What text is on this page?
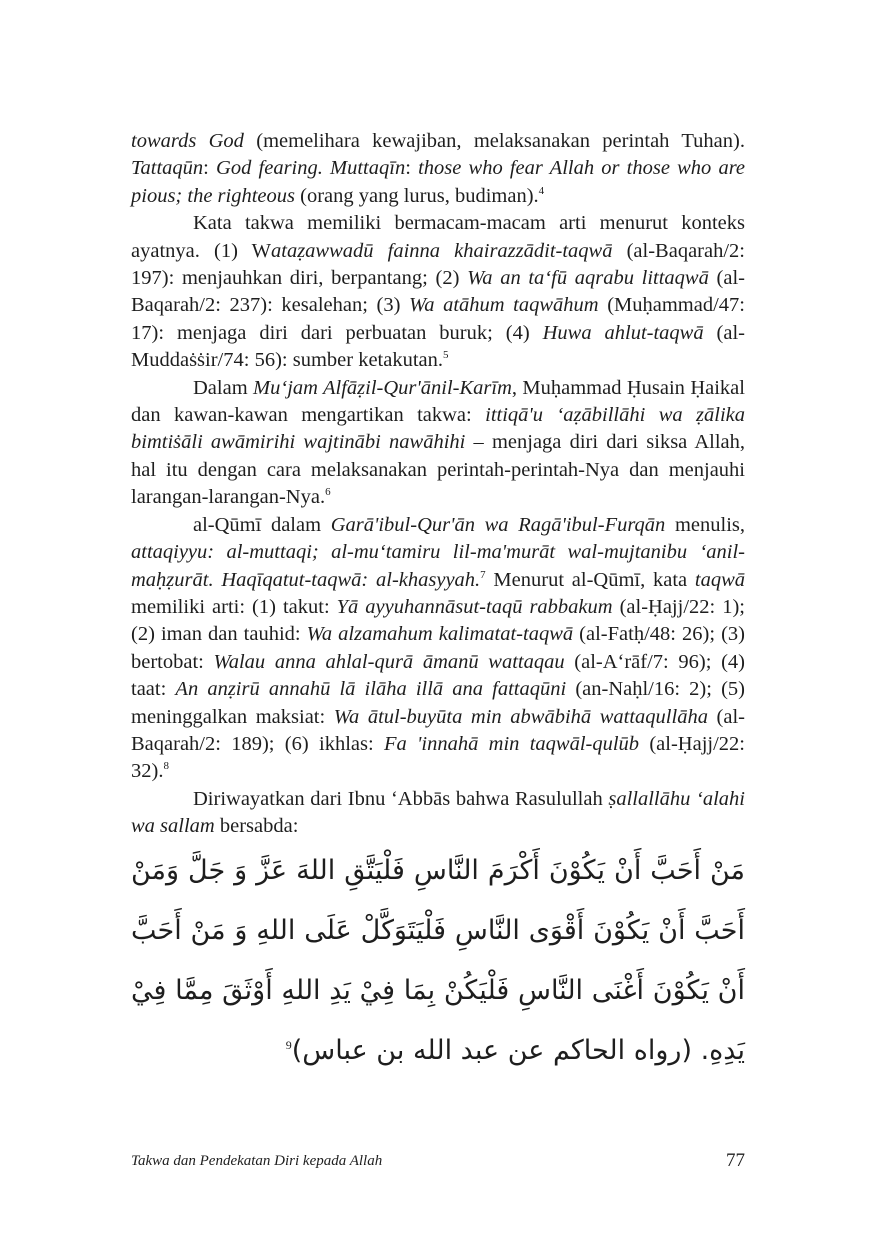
towards God (memelihara kewajiban, melaksanakan perintah Tuhan). Tattaqūn: God fearing. Muttaqīn: those who fear Allah or those who are pious; the righteous (orang yang lurus, budiman).$^4$

Kata takwa memiliki bermacam-macam arti menurut konteks ayatnya. (1) Wataẓawwadū fainna khairazzādit-taqwā (al-Baqarah/2: 197): menjauhkan diri, berpantang; (2) Wa an ta‘fū aqrabu littaqwā (al-Baqarah/2: 237): kesalehan; (3) Wa atāhum taqwāhum (Muḥammad/47: 17): menjaga diri dari perbuatan buruk; (4) Huwa ahlut-taqwā (al-Muddaṡṡir/74: 56): sumber ketakutan.$^5$

Dalam Mu‘jam Alfāẓil-Qur'ānil-Karīm, Muḥammad Ḥusain Ḥaikal dan kawan-kawan mengartikan takwa: ittiqā'u ‘aẓābillāhi wa ẓālika bimtiṡāli awāmirihi wajtinābi nawāhihi – menjaga diri dari siksa Allah, hal itu dengan cara melaksanakan perintah-perintah-Nya dan menjauhi larangan-larangan-Nya.$^6$

al-Qūmī dalam Garā'ibul-Qur'ān wa Ragā'ibul-Furqān menulis, attaqiyyu: al-muttaqi; al-mu‘tamiru lil-ma'murāt wal-mujtanibu ‘anil-maḥẓurāt. Haqīqatut-taqwā: al-khasyyah.$^7$ Menurut al-Qūmī, kata taqwā memiliki arti: (1) takut: Yā ayyuhannāsut-taqū rabbakum (al-Ḥajj/22: 1); (2) iman dan tauhid: Wa alzamahum kalimatat-taqwā (al-Fatḥ/48: 26); (3) bertobat: Walau anna ahlal-qurā āmanū wattaqau (al-A‘rāf/7: 96); (4) taat: An anẓirū annahū lā ilāha illā ana fattaqūni (an-Naḥl/16: 2); (5) meninggalkan maksiat: Wa ātul-buyūta min abwābihā wattaqullāha (al-Baqarah/2: 189); (6) ikhlas: Fa 'innahā min taqwāl-qulūb (al-Ḥajj/22: 32).$^8$

Diriwayatkan dari Ibnu ‘Abbās bahwa Rasulullah ṣallallāhu ‘alahi wa sallam bersabda:

مَنْ أَحَبَّ أَنْ يَكُوْنَ أَكْرَمَ النَّاسِ فَلْيَتَّقِ اللهَ عَزَّ وَ جَلَّ وَمَنْ أَحَبَّ أَنْ يَكُوْنَ أَقْوَى النَّاسِ فَلْيَتَوَكَّلْ عَلَى اللهِ وَ مَنْ أَحَبَّ أَنْ يَكُوْنَ أَغْنَى النَّاسِ فَلْيَكُنْ بِمَا فِيْ يَدِ اللهِ أَوْثَقَ مِمَّا فِيْ يَدِهِ. (رواه الحاكم عن عبد الله بن عباس)$^9$

Takwa dan Pendekatan Diri kepada Allah	77
